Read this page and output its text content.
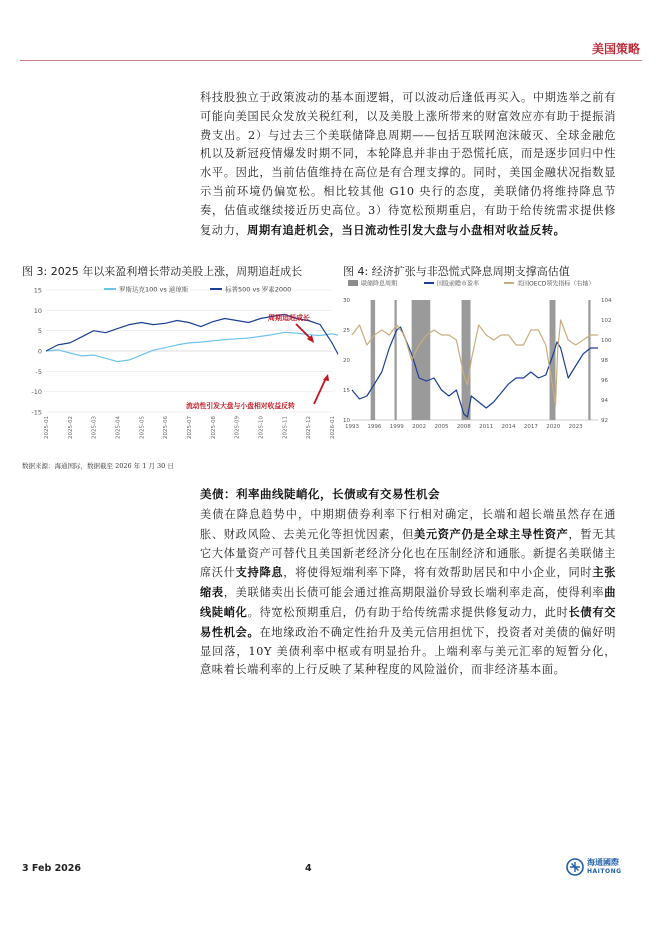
美国策略

科技股独立于政策波动的基本面逻辑，可以波动后逢低再买入。中期选举之前有可能向美国民众发放关税红利，以及美股上涨所带来的财富效应亦有助于提振消费支出。2）与过去三个美联储降息周期——包括互联网泡沫破灭、全球金融危机以及新冠疫情爆发时期不同，本轮降息并非由于恐慌托底，而是逐步回归中性水平。因此，当前估值维持在高位是有合理支撑的。同时，美国金融状况指数显示当前环境仍偏宽松。相比较其他 G10 央行的态度，美联储仍将维持降息节奏，估值或继续接近历史高位。3）待宽松预期重启，有助于给传统需求提供修复动力，周期有追赶机会，当日流动性引发大盘与小盘相对收益反转。

图 3: 2025 年以来盈利增长带动美股上涨，周期追赶成长	图 4: 经济扩张与非恐慌式降息周期支撑高估值
-15
-10
-5
0
5
10
15
2025-01	2025-02	2025-03	2025-04	2025-05	2025-06	2025-07	2025-08	2025-09	2025-10	2025-11	2025-12	2026-01
罗斯达克100 vs 道琼斯	标普500 vs 罗素2000
周期追赶成长
流动性引发大盘与小盘相对收益反转
10
15
20
25
30
92
94
96
98
100
102
104
1993 1996 1999 2002 2005 2008 2011 2014 2017 2020 2023
联储降息周期	国股前瞻市盈率	美国OECD领先指标（右轴）
数据来源：海通国际，数据截至 2026 年 1 月 30 日
美债：利率曲线陡峭化，长债或有交易性机会

美债在降息趋势中，中期期债券利率下行相对确定，长端和超长端虽然存在通胀、财政风险、去美元化等担忧因素，但美元资产仍是全球主导性资产，暂无其它大体量资产可替代且美国新老经济分化也在压制经济和通胀。新提名美联储主席沃什支持降息，将使得短端利率下降，将有效帮助居民和中小企业，同时主张缩表，美联储卖出长债可能会通过推高期限溢价导致长端利率走高，使得利率曲线陡峭化。待宽松预期重启，仍有助于给传统需求提供修复动力，此时长债有交易性机会。在地缘政治不确定性抬升及美元信用担忧下，投资者对美债的偏好明显回落，10Y 美债利率中枢或有明显抬升。上端利率与美元汇率的短暂分化，意味着长端利率的上行反映了某种程度的风险溢价，而非经济基本面。

3 Feb 2026	4
海通國際
HAITONG
